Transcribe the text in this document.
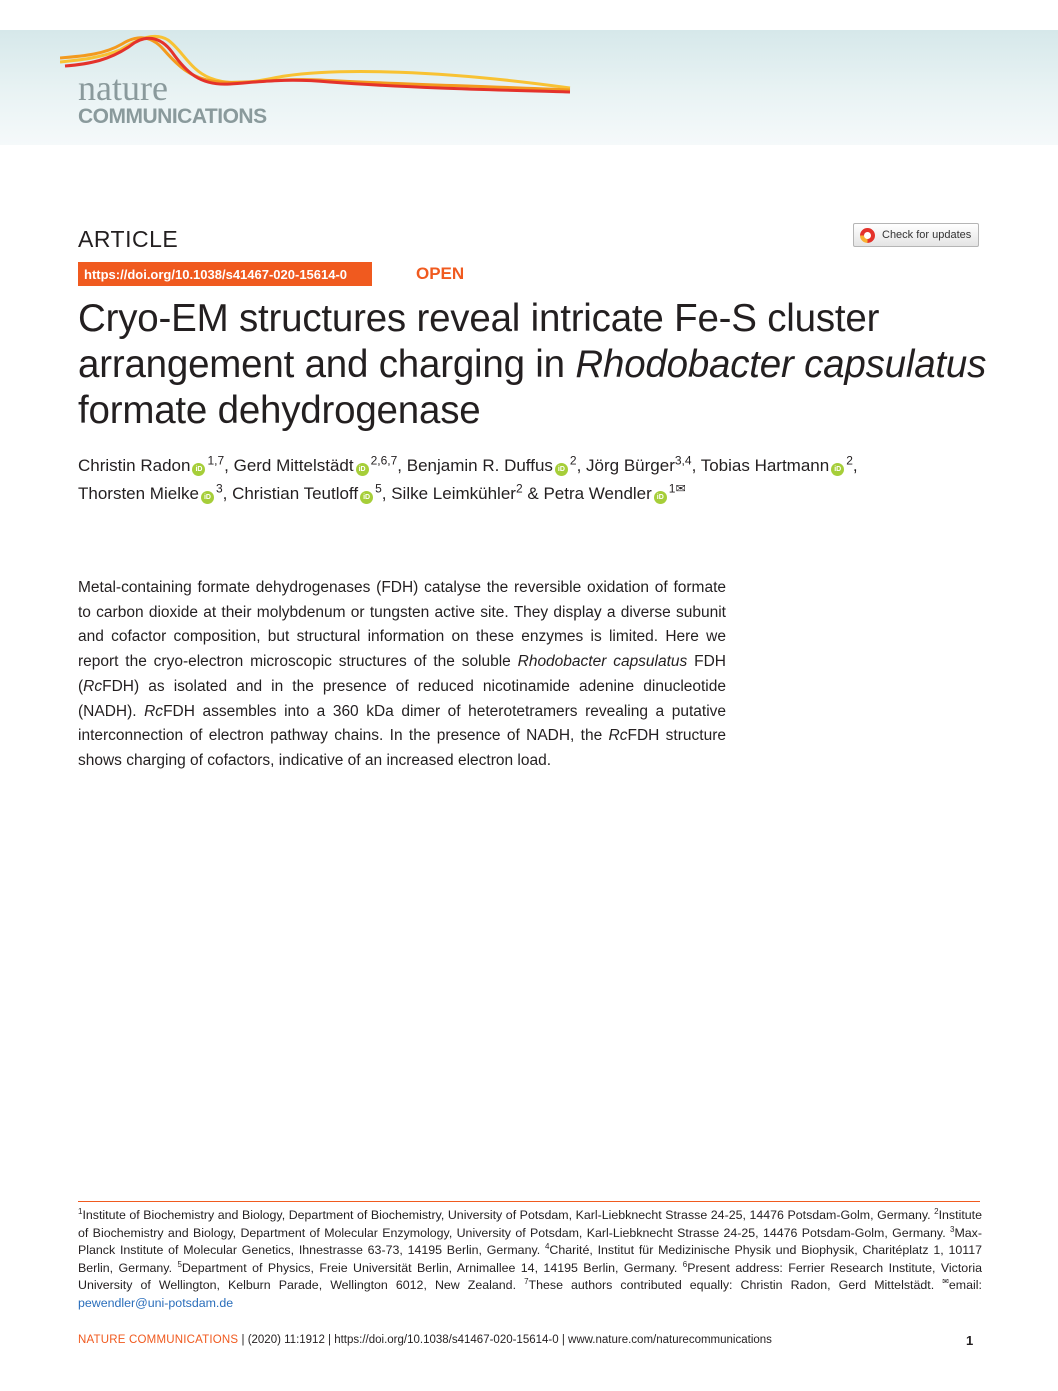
nature
COMMUNICATIONS
ARTICLE	Check for updates
https://doi.org/10.1038/s41467-020-15614-0	OPEN
Cryo-EM structures reveal intricate Fe-S cluster arrangement and charging in Rhodobacter capsulatus formate dehydrogenase
Christin Radon iD$^{1,7}$, Gerd Mittelstädt iD$^{2,6,7}$, Benjamin R. Duffus $iD^2$, Jörg Bürger$^{3,4}$, Tobias Hartmann $iD^2$, Thorsten Mielke $iD^3$, Christian Teutloff $iD^5$, Silke Leimkühler$^2$ & Petra Wendler $iD^{1✉}$
Metal-containing formate dehydrogenases (FDH) catalyse the reversible oxidation of formate to carbon dioxide at their molybdenum or tungsten active site. They display a diverse subunit and cofactor composition, but structural information on these enzymes is limited. Here we report the cryo-electron microscopic structures of the soluble Rhodobacter capsulatus FDH (RcFDH) as isolated and in the presence of reduced nicotinamide adenine dinucleotide (NADH). RcFDH assembles into a 360 kDa dimer of heterotetramers revealing a putative interconnection of electron pathway chains. In the presence of NADH, the RcFDH structure shows charging of cofactors, indicative of an increased electron load.
$^1$Institute of Biochemistry and Biology, Department of Biochemistry, University of Potsdam, Karl-Liebknecht Strasse 24-25, 14476 Potsdam-Golm, Germany. $^2$Institute of Biochemistry and Biology, Department of Molecular Enzymology, University of Potsdam, Karl-Liebknecht Strasse 24-25, 14476 Potsdam-Golm, Germany. $^3$Max-Planck Institute of Molecular Genetics, Ihnestrasse 63-73, 14195 Berlin, Germany. $^4$Charité, Institut für Medizinische Physik und Biophysik, Charitéplatz 1, 10117 Berlin, Germany. $^5$Department of Physics, Freie Universität Berlin, Arnimallee 14, 14195 Berlin, Germany. $^6$Present address: Ferrier Research Institute, Victoria University of Wellington, Kelburn Parade, Wellington 6012, New Zealand. $^7$These authors contributed equally: Christin Radon, Gerd Mittelstädt. ✉email: pewendler@uni-potsdam.de
NATURE COMMUNICATIONS | (2020) 11:1912 | https://doi.org/10.1038/s41467-020-15614-0 | www.nature.com/naturecommunications	1
